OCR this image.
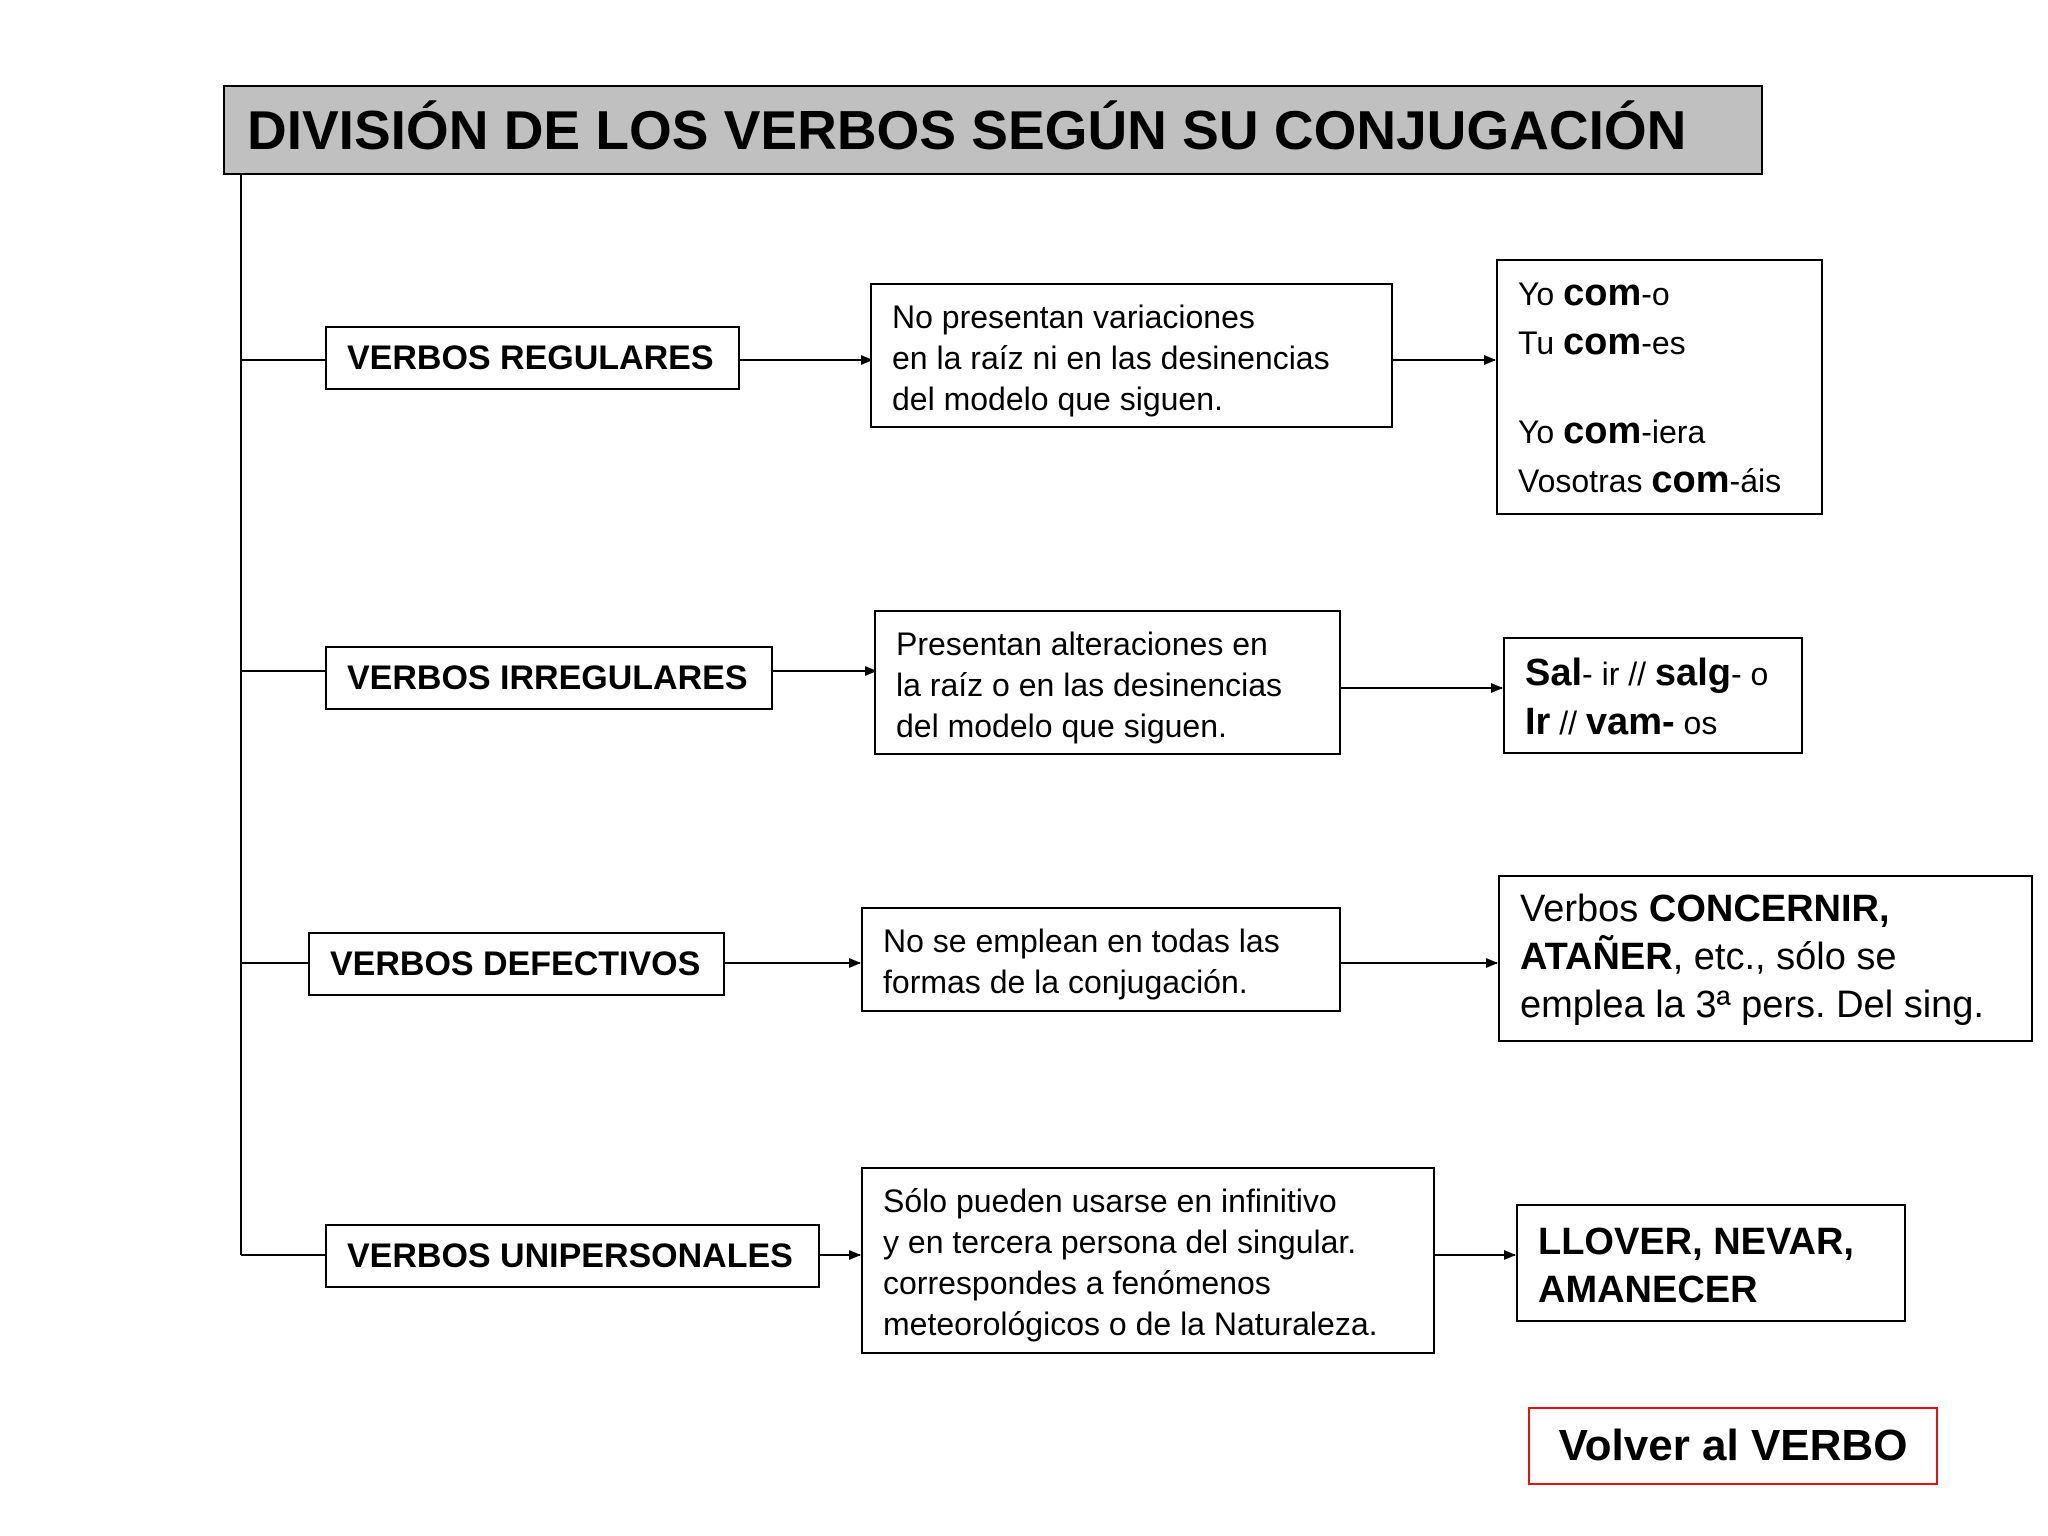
DIVISIÓN DE LOS VERBOS SEGÚN SU CONJUGACIÓN
VERBOS REGULARES
No presentan variaciones
en la raíz ni en las desinencias
del modelo que siguen.
Yo com-o
Tu com-es
Yo com-iera
Vosotras com-áis
VERBOS IRREGULARES
Presentan alteraciones en
la raíz o en las desinencias
del modelo que siguen.
Sal- ir // salg- o
Ir // vam- os
VERBOS DEFECTIVOS
No se emplean en todas las
formas de la conjugación.
Verbos CONCERNIR,
ATAÑER, etc., sólo se
emplea la 3ª pers. Del sing.
VERBOS UNIPERSONALES
Sólo pueden usarse en infinitivo
y en tercera persona del singular.
correspondes a fenómenos
meteorológicos o de la Naturaleza.
LLOVER, NEVAR,
AMANECER
Volver al VERBO
